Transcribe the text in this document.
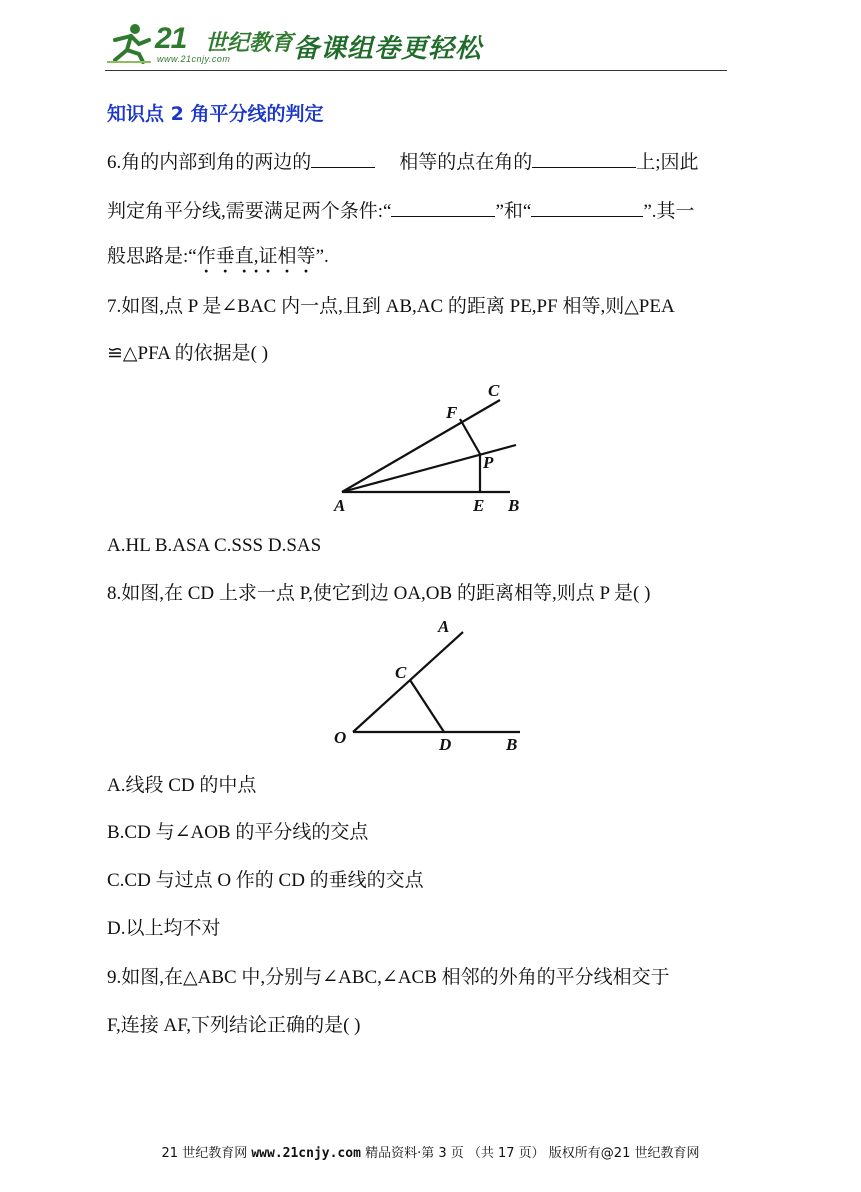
21 世纪教育
www.21cnjy.com 备课组卷更轻松
知识点 2 角平分线的判定
6.角的内部到角的两边的	相等的点在角的	上;因此
判定角平分线,需要满足两个条件:“	”和“	”.其一
般思路是:“作垂直, ·证相等”.
7.如图,点 P 是∠BAC 内一点,且到 AB,AC 的距离 PE,PF 相等,则△PEA
≌△PFA 的依据是( )
A	E B
P
F
C
A.HL B.ASA C.SSS D.SAS
8.如图,在 CD 上求一点 P,使它到边 OA,OB 的距离相等,则点 P 是( )
O	D	B
C
A
A.线段 CD 的中点
B.CD 与∠AOB 的平分线的交点
C.CD 与过点 O 作的 CD 的垂线的交点
D.以上均不对
9.如图,在△ABC 中,分别与∠ABC,∠ACB 相邻的外角的平分线相交于
F,连接 AF,下列结论正确的是( )
21 世纪教育网 www.21cnjy.com 精品资料·第 3 页 （共 17 页） 版权所有@21 世纪教育网
